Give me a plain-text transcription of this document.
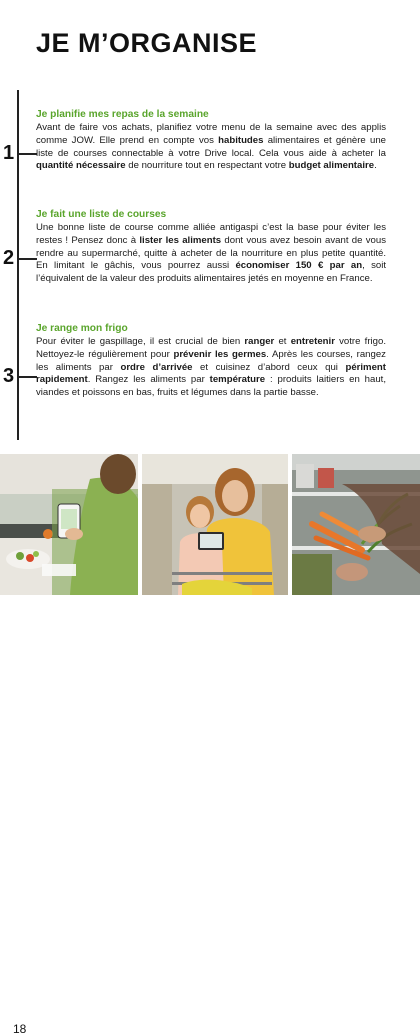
JE M’ORGANISE
1
2
3
Je planifie mes repas de la semaine

Avant de faire vos achats, planifiez votre menu de la semaine avec des applis comme JOW. Elle prend en compte vos habitudes alimentaires et génère une liste de courses connectable à votre Drive local. Cela vous aide à acheter la quantité nécessaire de nourriture tout en respectant votre budget alimentaire.

Je fait une liste de courses

Une bonne liste de course comme alliée antigaspi c’est la base pour éviter les restes ! Pensez donc à lister les aliments dont vous avez besoin avant de vous rendre au supermarché, quitte à acheter de la nourriture en plus petite quantité. En limitant le gâchis, vous pourrez aussi économiser 150 € par an, soit l’équivalent de la valeur des produits alimentaires jetés en moyenne en France.

Je range mon frigo

Pour éviter le gaspillage, il est crucial de bien ranger et entretenir votre frigo. Nettoyez-le régulièrement pour prévenir les germes. Après les courses, rangez les aliments par ordre d’arrivée et cuisinez d’abord ceux qui périment rapidement. Rangez les aliments par température : produits laitiers en haut, viandes et poissons en bas, fruits et légumes dans la partie basse.

18
